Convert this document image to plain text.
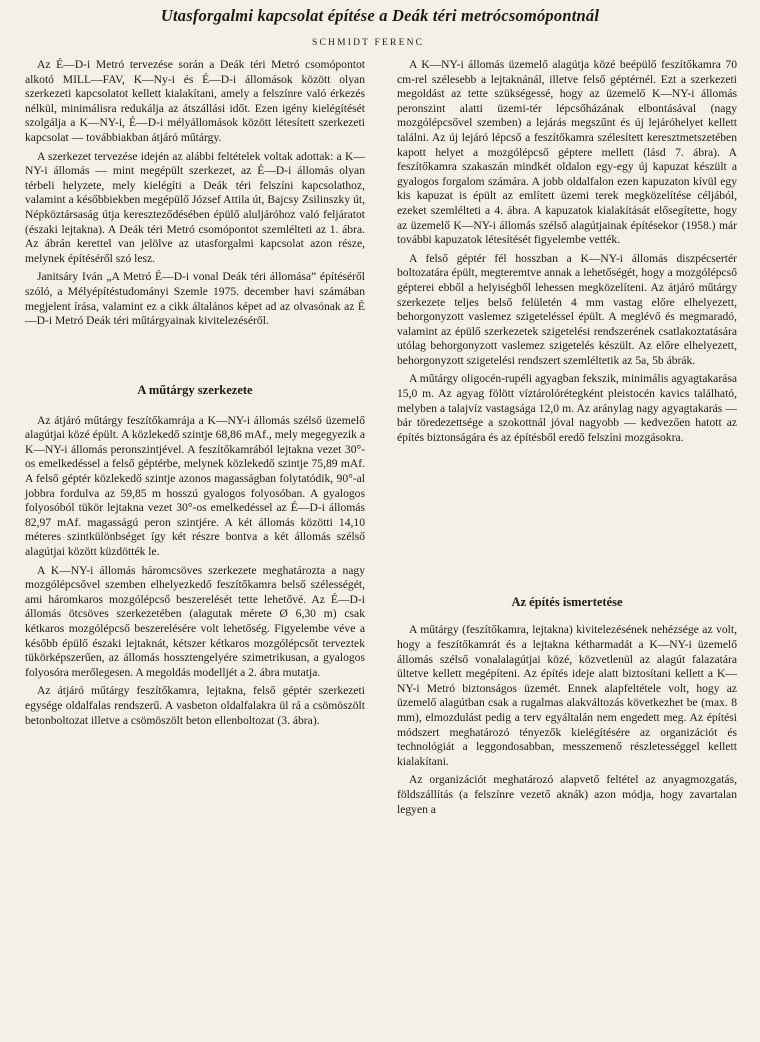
Utasforgalmi kapcsolat építése a Deák téri metrócsomópontnál
SCHMIDT FERENC

Az É—D-i Metró tervezése során a Deák téri Metró csomópontot alkotó MILL—FAV, K—Ny-i és É—D-i állomások között olyan szerkezeti kapcsolatot kellett kialakítani, amely a felszínre való érkezés nélkül, minimálisra redukálja az átszállási időt. Ezen igény kielégítését szolgálja a K—NY-i, É—D-i mélyállomások között létesített szerkezeti kapcsolat — továbbiakban átjáró műtárgy.

A szerkezet tervezése idején az alábbi feltételek voltak adottak: a K—NY-i állomás — mint megépült szerkezet, az É—D-i állomás olyan térbeli helyzete, mely kielégíti a Deák téri felszíni kapcsolathoz, valamint a későbbiekben megépülő József Attila út, Bajcsy Zsilinszky út, Népköztársaság útja kereszteződésében épülő aluljáróhoz való feljáratot (északi lejtakna). A Deák téri Metró csomópontot szemlélteti az 1. ábra. Az ábrán kerettel van jelölve az utasforgalmi kapcsolat azon része, melynek építéséről szó lesz.

Janitsáry Iván „A Metró É—D-i vonal Deák téri állomása” építéséről szóló, a Mélyépítéstudományi Szemle 1975. december havi számában megjelent írása, valamint ez a cikk általános képet ad az olvasónak az É—D-i Metró Deák téri műtárgyainak kivitelezéséről.

A műtárgy szerkezete

Az átjáró műtárgy feszítőkamrája a K—NY-i állomás szélső üzemelő alagútjai közé épült. A közlekedő szintje 68,86 mAf., mely megegyezik a K—NY-i állomás peronszintjével. A feszítőkamrából lejtakna vezet 30°-os emelkedéssel a felső géptérbe, melynek közlekedő szintje 75,89 mAf. A felső géptér közlekedő szintje azonos magasságban folytatódik, 90°-al jobbra fordulva az 59,85 m hosszú gyalogos folyosóban. A gyalogos folyosóból tükör lejtakna vezet 30°-os emelkedéssel az É—D-i állomás 82,97 mAf. magasságú peron szintjére. A két állomás közötti 14,10 méteres szintkülönbséget így két részre bontva a két állomás szélső alagútjai között küzdötték le.

A K—NY-i állomás háromcsöves szerkezete meghatározta a nagy mozgólépcsővel szemben elhelyezkedő feszítőkamra belső szélességét, ami háromkaros mozgólépcső beszerelését tette lehetővé. Az É—D-i állomás ötcsöves szerkezetében (alagutak mérete Ø 6,30 m) csak kétkaros mozgólépcső beszerelésére volt lehetőség. Figyelembe véve a később épülő északi lejtaknát, kétszer kétkaros mozgólépcsőt terveztek tükörképszerűen, az állomás hossztengelyére szimetrikusan, a gyalogos folyosóra merőlegesen. A megoldás modelljét a 2. ábra mutatja.

Az átjáró műtárgy feszítőkamra, lejtakna, felső géptér szerkezeti egysége oldalfalas rendszerű. A vasbeton oldalfalakra ül rá a csömöszölt betonboltozat illetve a csömöszölt beton ellenboltozat (3. ábra).

A K—NY-i állomás üzemelő alagútja közé beépülő feszítőkamra 70 cm-rel szélesebb a lejtaknánál, illetve felső géptérnél. Ezt a szerkezeti megoldást az tette szükségessé, hogy az üzemelő K—NY-i állomás peronszint alatti üzemi-tér lépcsőházának elbontásával (nagy mozgólépcsővel szemben) a lejárás megszűnt és új lejáróhelyet kellett találni. Az új lejáró lépcső a feszítőkamra szélesített keresztmetszetében kapott helyet a mozgólépcső géptere mellett (lásd 7. ábra). A feszítőkamra szakaszán mindkét oldalon egy-egy új kapuzat készült a gyalogos forgalom számára. A jobb oldalfalon ezen kapuzaton kívül egy kis kapuzat is épült az említett üzemi terek megközelítése céljából, ezeket szemlélteti a 4. ábra. A kapuzatok kialakítását elősegítette, hogy az üzemelő K—NY-i állomás szélső alagútjainak építésekor (1958.) már további kapuzatok létesítését figyelembe vették.

A felső géptér fél hosszban a K—NY-i állomás diszpécsertér boltozatára épült, megteremtve annak a lehetőségét, hogy a mozgólépcső gépterei ebből a helyiségből lehessen megközelíteni. Az átjáró műtárgy szerkezete teljes belső felületén 4 mm vastag előre elhelyezett, behorgonyzott vaslemez szigeteléssel épült. A meglévő és megmaradó, valamint az épülő szerkezetek szigetelési rendszerének csatlakoztatására utólag behorgonyzott vaslemez szigetelés készült. Az előre elhelyezett, behorgonyzott szigetelési rendszert szemléltetik az 5a, 5b ábrák.

A műtárgy oligocén-rupéli agyagban fekszik, minimális agyagtakarása 15,0 m. Az agyag fölött víztárolórétegként pleistocén kavics található, melyben a talajvíz vastagsága 12,0 m. Az aránylag nagy agyagtakarás — bár töredezettsége a szokottnál jóval nagyobb — kedvezően hatott az építés biztonságára és az építésből eredő felszíni mozgásokra.

Az építés ismertetése

A műtárgy (feszítőkamra, lejtakna) kivitelezésének nehézsége az volt, hogy a feszítőkamrát és a lejtakna kétharmadát a K—NY-i üzemelő állomás szélső vonalalagútjai közé, közvetlenül az alagút falazatára ültetve kellett megépíteni. Az építés ideje alatt biztosítani kellett a K—NY-i Metró biztonságos üzemét. Ennek alapfeltétele volt, hogy az üzemelő alagútban csak a rugalmas alakváltozás következhet be (max. 8 mm), elmozdulást pedig a terv egyáltalán nem engedett meg. Az építési módszert meghatározó tényezők kielégítésére az organizációt és technológiát a leggondosabban, messzemenő részletességgel kellett kialakítani.

Az organizációt meghatározó alapvető feltétel az anyagmozgatás, földszállítás (a felszínre vezető aknák) azon módja, hogy zavartalan legyen a
